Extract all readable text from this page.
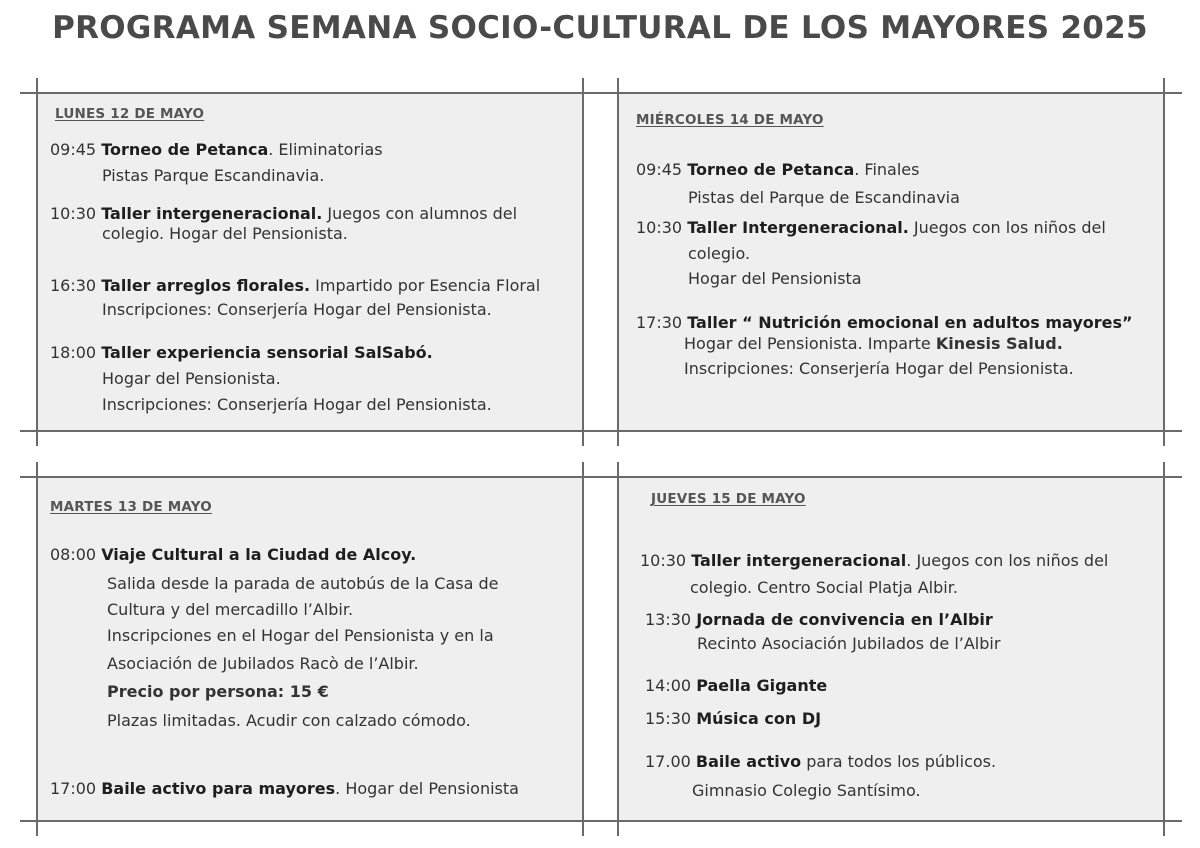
PROGRAMA SEMANA SOCIO-CULTURAL DE LOS MAYORES 2025
LUNES 12 DE MAYO
09:45 Torneo de Petanca. Eliminatorias
Pistas Parque Escandinavia.
10:30 Taller intergeneracional. Juegos con alumnos del
colegio. Hogar del Pensionista.
16:30 Taller arreglos florales. Impartido por Esencia Floral
Inscripciones: Conserjería Hogar del Pensionista.
18:00 Taller experiencia sensorial SalSabó.
Hogar del Pensionista.
Inscripciones: Conserjería Hogar del Pensionista.
MIÉRCOLES 14 DE MAYO
09:45 Torneo de Petanca. Finales
Pistas del Parque de Escandinavia
10:30 Taller Intergeneracional. Juegos con los niños del
colegio.
Hogar del Pensionista
17:30 Taller “ Nutrición emocional en adultos mayores”
Hogar del Pensionista. Imparte Kinesis Salud.
Inscripciones: Conserjería Hogar del Pensionista.
MARTES 13 DE MAYO
08:00 Viaje Cultural a la Ciudad de Alcoy.
Salida desde la parada de autobús de la Casa de
Cultura y del mercadillo l’Albir.
Inscripciones en el Hogar del Pensionista y en la
Asociación de Jubilados Racò de l’Albir.
Precio por persona: 15 €
Plazas limitadas. Acudir con calzado cómodo.
17:00 Baile activo para mayores. Hogar del Pensionista
JUEVES 15 DE MAYO
10:30 Taller intergeneracional. Juegos con los niños del
colegio. Centro Social Platja Albir.
13:30 Jornada de convivencia en l’Albir
Recinto Asociación Jubilados de l’Albir
14:00 Paella Gigante
15:30 Música con DJ
17.00 Baile activo para todos los públicos.
Gimnasio Colegio Santísimo.
